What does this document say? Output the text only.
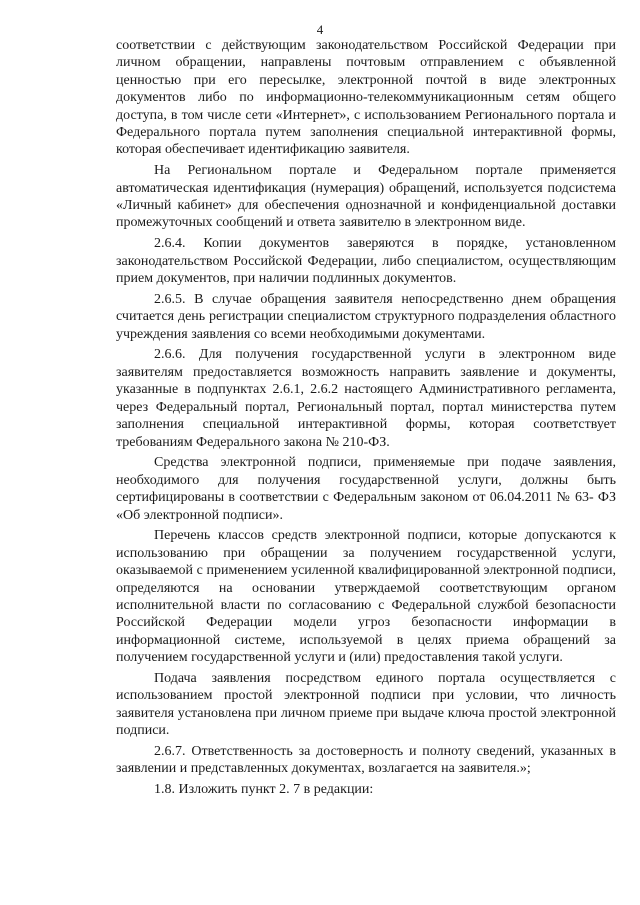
4

соответствии с действующим законодательством Российской Федерации при личном обращении, направлены почтовым отправлением с объявленной ценностью при его пересылке, электронной почтой в виде электронных документов либо по информационно-телекоммуникационным сетям общего доступа, в том числе сети «Интернет», с использованием Регионального портала и Федерального портала путем заполнения специальной интерактивной формы, которая обеспечивает идентификацию заявителя.

На Региональном портале и Федеральном портале применяется автоматическая идентификация (нумерация) обращений, используется подсистема «Личный кабинет» для обеспечения однозначной и конфиденциальной доставки промежуточных сообщений и ответа заявителю в электронном виде.

2.6.4. Копии документов заверяются в порядке, установленном законодательством Российской Федерации, либо специалистом, осуществляющим прием документов, при наличии подлинных документов.

2.6.5. В случае обращения заявителя непосредственно днем обращения считается день регистрации специалистом структурного подразделения областного учреждения заявления со всеми необходимыми документами.

2.6.6. Для получения государственной услуги в электронном виде заявителям предоставляется возможность направить заявление и документы, указанные в подпунктах 2.6.1, 2.6.2 настоящего Административного регламента, через Федеральный портал, Региональный портал, портал министерства путем заполнения специальной интерактивной формы, которая соответствует требованиям Федерального закона № 210-ФЗ.

Средства электронной подписи, применяемые при подаче заявления, необходимого для получения государственной услуги, должны быть сертифицированы в соответствии с Федеральным законом от 06.04.2011 № 63- ФЗ «Об электронной подписи».

Перечень классов средств электронной подписи, которые допускаются к использованию при обращении за получением государственной услуги, оказываемой с применением усиленной квалифицированной электронной подписи, определяются на основании утверждаемой соответствующим органом исполнительной власти по согласованию с Федеральной службой безопасности Российской Федерации модели угроз безопасности информации в информационной системе, используемой в целях приема обращений за получением государственной услуги и (или) предоставления такой услуги.

Подача заявления посредством единого портала осуществляется с использованием простой электронной подписи при условии, что личность заявителя установлена при личном приеме при выдаче ключа простой электронной подписи.

2.6.7. Ответственность за достоверность и полноту сведений, указанных в заявлении и представленных документах, возлагается на заявителя.»;

1.8. Изложить пункт 2. 7 в редакции:
